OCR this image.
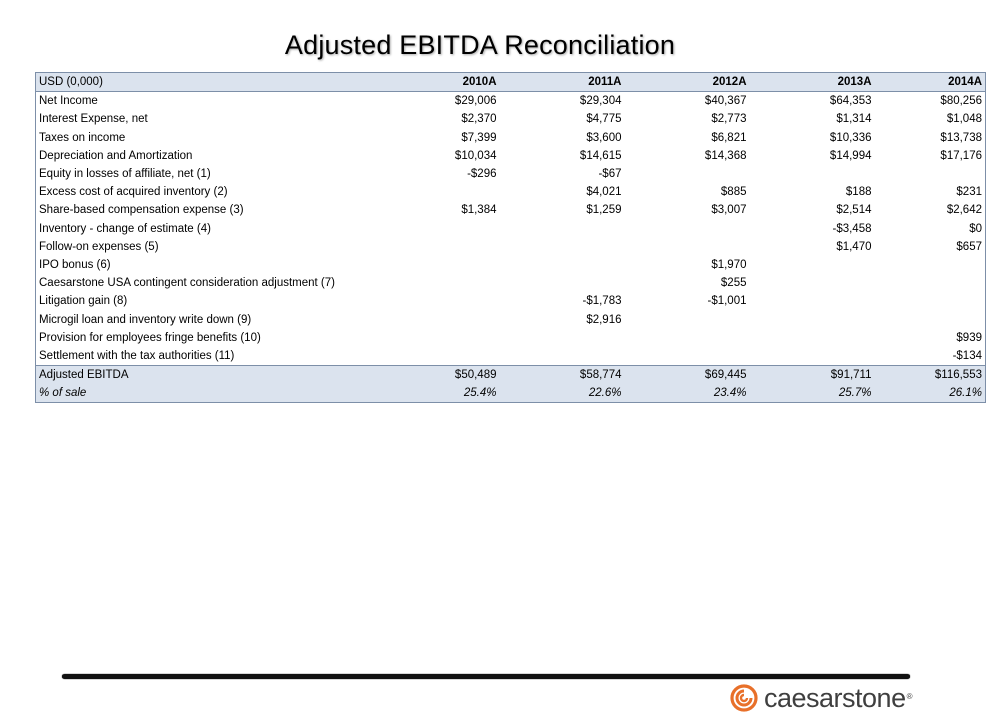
Adjusted EBITDA Reconciliation
USD (0,000)	2010A	2011A	2012A	2013A	2014A
Net Income	$29,006	$29,304	$40,367	$64,353	$80,256
Interest Expense, net	$2,370	$4,775	$2,773	$1,314	$1,048
Taxes on income	$7,399	$3,600	$6,821	$10,336	$13,738
Depreciation and Amortization	$10,034	$14,615	$14,368	$14,994	$17,176
Equity in losses of affiliate, net (1)	-$296	-$67			
Excess cost of acquired inventory (2)		$4,021	$885	$188	$231
Share-based compensation expense (3)	$1,384	$1,259	$3,007	$2,514	$2,642
Inventory - change of estimate (4)				-$3,458	$0
Follow-on expenses (5)				$1,470	$657
IPO bonus (6)			$1,970		
Caesarstone USA contingent consideration adjustment (7)			$255		
Litigation gain (8)		-$1,783	-$1,001		
Microgil loan and inventory write down (9)		$2,916			
Provision for employees fringe benefits (10)					$939
Settlement with the tax authorities (11)					-$134
Adjusted EBITDA	$50,489	$58,774	$69,445	$91,711	$116,553
% of sale	25.4%	22.6%	23.4%	25.7%	26.1%
caesarstone ®
